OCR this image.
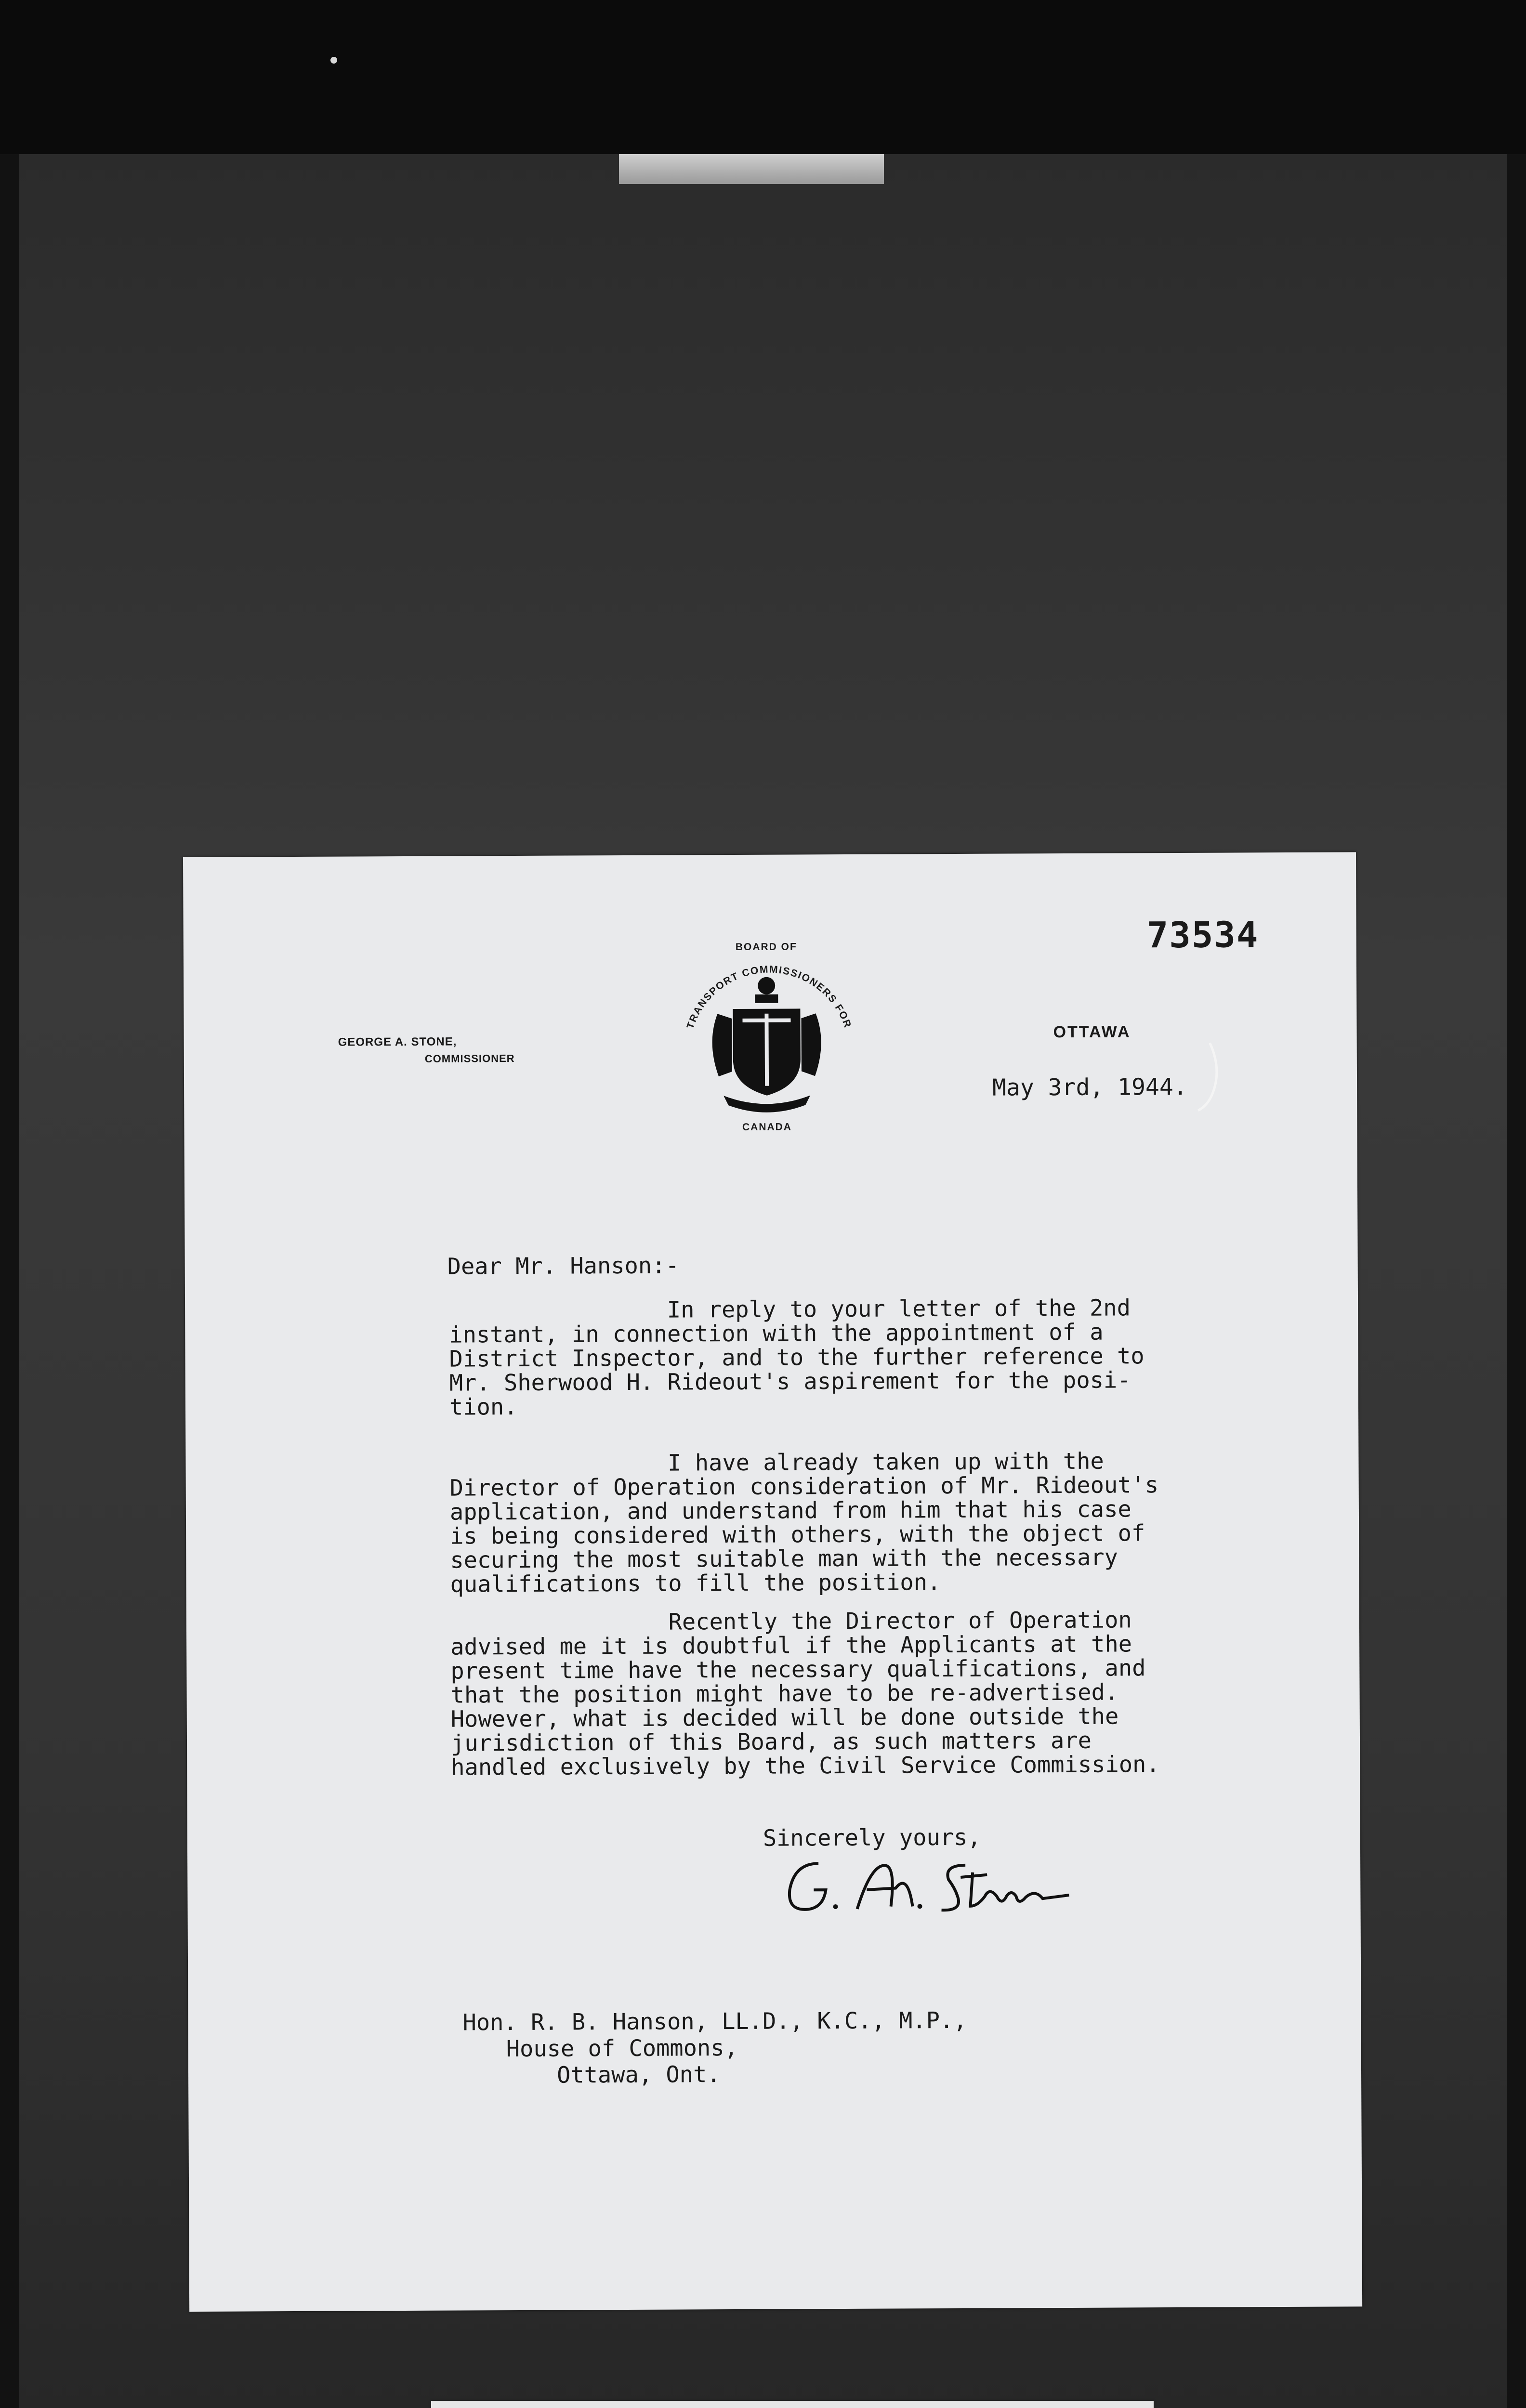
73534
GEORGE A. STONE,
COMMISSIONER
OTTAWA
TRANSPORT COMMISSIONERS FOR
BOARD OF
CANADA
May 3rd, 1944.
Dear Mr. Hanson:-
In reply to your letter of the 2nd
instant, in connection with the appointment of a
District Inspector, and to the further reference to
Mr. Sherwood H. Rideout's aspirement for the posi-
tion.
I have already taken up with the
Director of Operation consideration of Mr. Rideout's
application, and understand from him that his case
is being considered with others, with the object of
securing the most suitable man with the necessary
qualifications to fill the position.
Recently the Director of Operation
advised me it is doubtful if the Applicants at the
present time have the necessary qualifications, and
that the position might have to be re-advertised.
However, what is decided will be done outside the
jurisdiction of this Board, as such matters are
handled exclusively by the Civil Service Commission.
Sincerely yours,
Hon. R. B. Hanson, LL.D., K.C., M.P.,
House of Commons,
Ottawa, Ont.
